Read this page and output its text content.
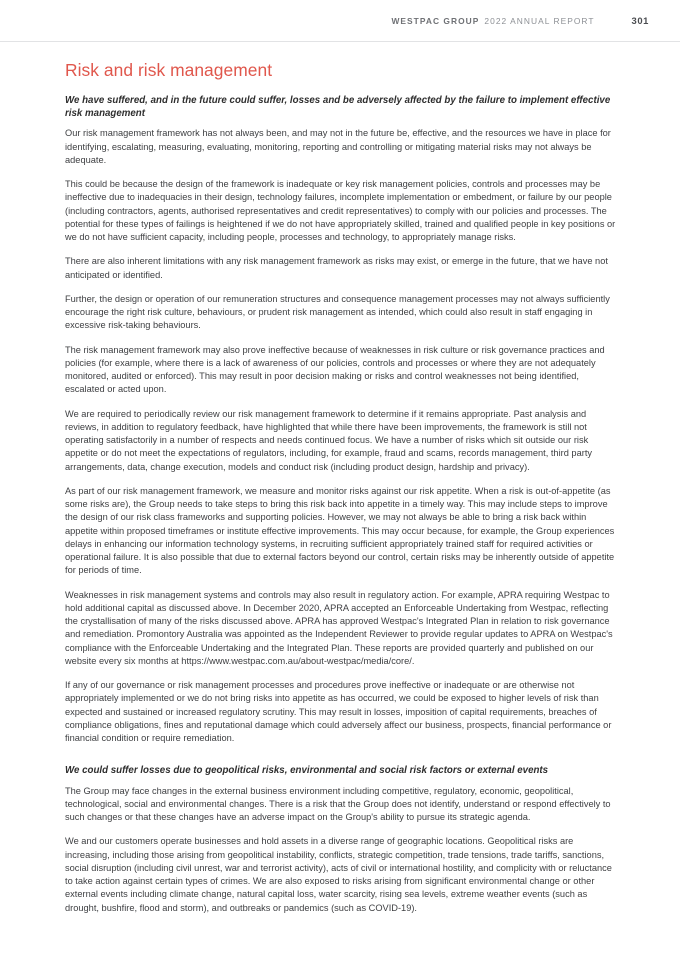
WESTPAC GROUP 2022 ANNUAL REPORT	301
Risk and risk management
We have suffered, and in the future could suffer, losses and be adversely affected by the failure to implement effective risk management

Our risk management framework has not always been, and may not in the future be, effective, and the resources we have in place for identifying, escalating, measuring, evaluating, monitoring, reporting and controlling or mitigating material risks may not always be adequate.

This could be because the design of the framework is inadequate or key risk management policies, controls and processes may be ineffective due to inadequacies in their design, technology failures, incomplete implementation or embedment, or failure by our people (including contractors, agents, authorised representatives and credit representatives) to comply with our policies and processes. The potential for these types of failings is heightened if we do not have appropriately skilled, trained and qualified people in key positions or we do not have sufficient capacity, including people, processes and technology, to appropriately manage risks.

There are also inherent limitations with any risk management framework as risks may exist, or emerge in the future, that we have not anticipated or identified.

Further, the design or operation of our remuneration structures and consequence management processes may not always sufficiently encourage the right risk culture, behaviours, or prudent risk management as intended, which could also result in staff engaging in excessive risk-taking behaviours.

The risk management framework may also prove ineffective because of weaknesses in risk culture or risk governance practices and policies (for example, where there is a lack of awareness of our policies, controls and processes or where they are not adequately monitored, audited or enforced). This may result in poor decision making or risks and control weaknesses not being identified, escalated or acted upon.

We are required to periodically review our risk management framework to determine if it remains appropriate. Past analysis and reviews, in addition to regulatory feedback, have highlighted that while there have been improvements, the framework is still not operating satisfactorily in a number of respects and needs continued focus. We have a number of risks which sit outside our risk appetite or do not meet the expectations of regulators, including, for example, fraud and scams, records management, third party arrangements, data, change execution, models and conduct risk (including product design, hardship and privacy).

As part of our risk management framework, we measure and monitor risks against our risk appetite. When a risk is out-of-appetite (as some risks are), the Group needs to take steps to bring this risk back into appetite in a timely way. This may include steps to improve the design of our risk class frameworks and supporting policies. However, we may not always be able to bring a risk back within appetite within proposed timeframes or institute effective improvements. This may occur because, for example, the Group experiences delays in enhancing our information technology systems, in recruiting sufficient appropriately trained staff for required activities or operational failure. It is also possible that due to external factors beyond our control, certain risks may be inherently outside of appetite for periods of time.

Weaknesses in risk management systems and controls may also result in regulatory action. For example, APRA requiring Westpac to hold additional capital as discussed above. In December 2020, APRA accepted an Enforceable Undertaking from Westpac, reflecting the crystallisation of many of the risks discussed above. APRA has approved Westpac's Integrated Plan in relation to risk governance and remediation. Promontory Australia was appointed as the Independent Reviewer to provide regular updates to APRA on Westpac's compliance with the Enforceable Undertaking and the Integrated Plan. These reports are provided quarterly and published on our website every six months at https://www.westpac.com.au/about-westpac/media/core/.

If any of our governance or risk management processes and procedures prove ineffective or inadequate or are otherwise not appropriately implemented or we do not bring risks into appetite as has occurred, we could be exposed to higher levels of risk than expected and sustained or increased regulatory scrutiny. This may result in losses, imposition of capital requirements, breaches of compliance obligations, fines and reputational damage which could adversely affect our business, prospects, financial performance or financial condition or require remediation.

We could suffer losses due to geopolitical risks, environmental and social risk factors or external events

The Group may face changes in the external business environment including competitive, regulatory, economic, geopolitical, technological, social and environmental changes. There is a risk that the Group does not identify, understand or respond effectively to such changes or that these changes have an adverse impact on the Group's ability to pursue its strategic agenda.

We and our customers operate businesses and hold assets in a diverse range of geographic locations. Geopolitical risks are increasing, including those arising from geopolitical instability, conflicts, strategic competition, trade tensions, trade tariffs, sanctions, social disruption (including civil unrest, war and terrorist activity), acts of civil or international hostility, and complicity with or reluctance to take action against certain types of crimes. We are also exposed to risks arising from significant environmental change or other external events including climate change, natural capital loss, water scarcity, rising sea levels, extreme weather events (such as drought, bushfire, flood and storm), and outbreaks or pandemics (such as COVID-19).
